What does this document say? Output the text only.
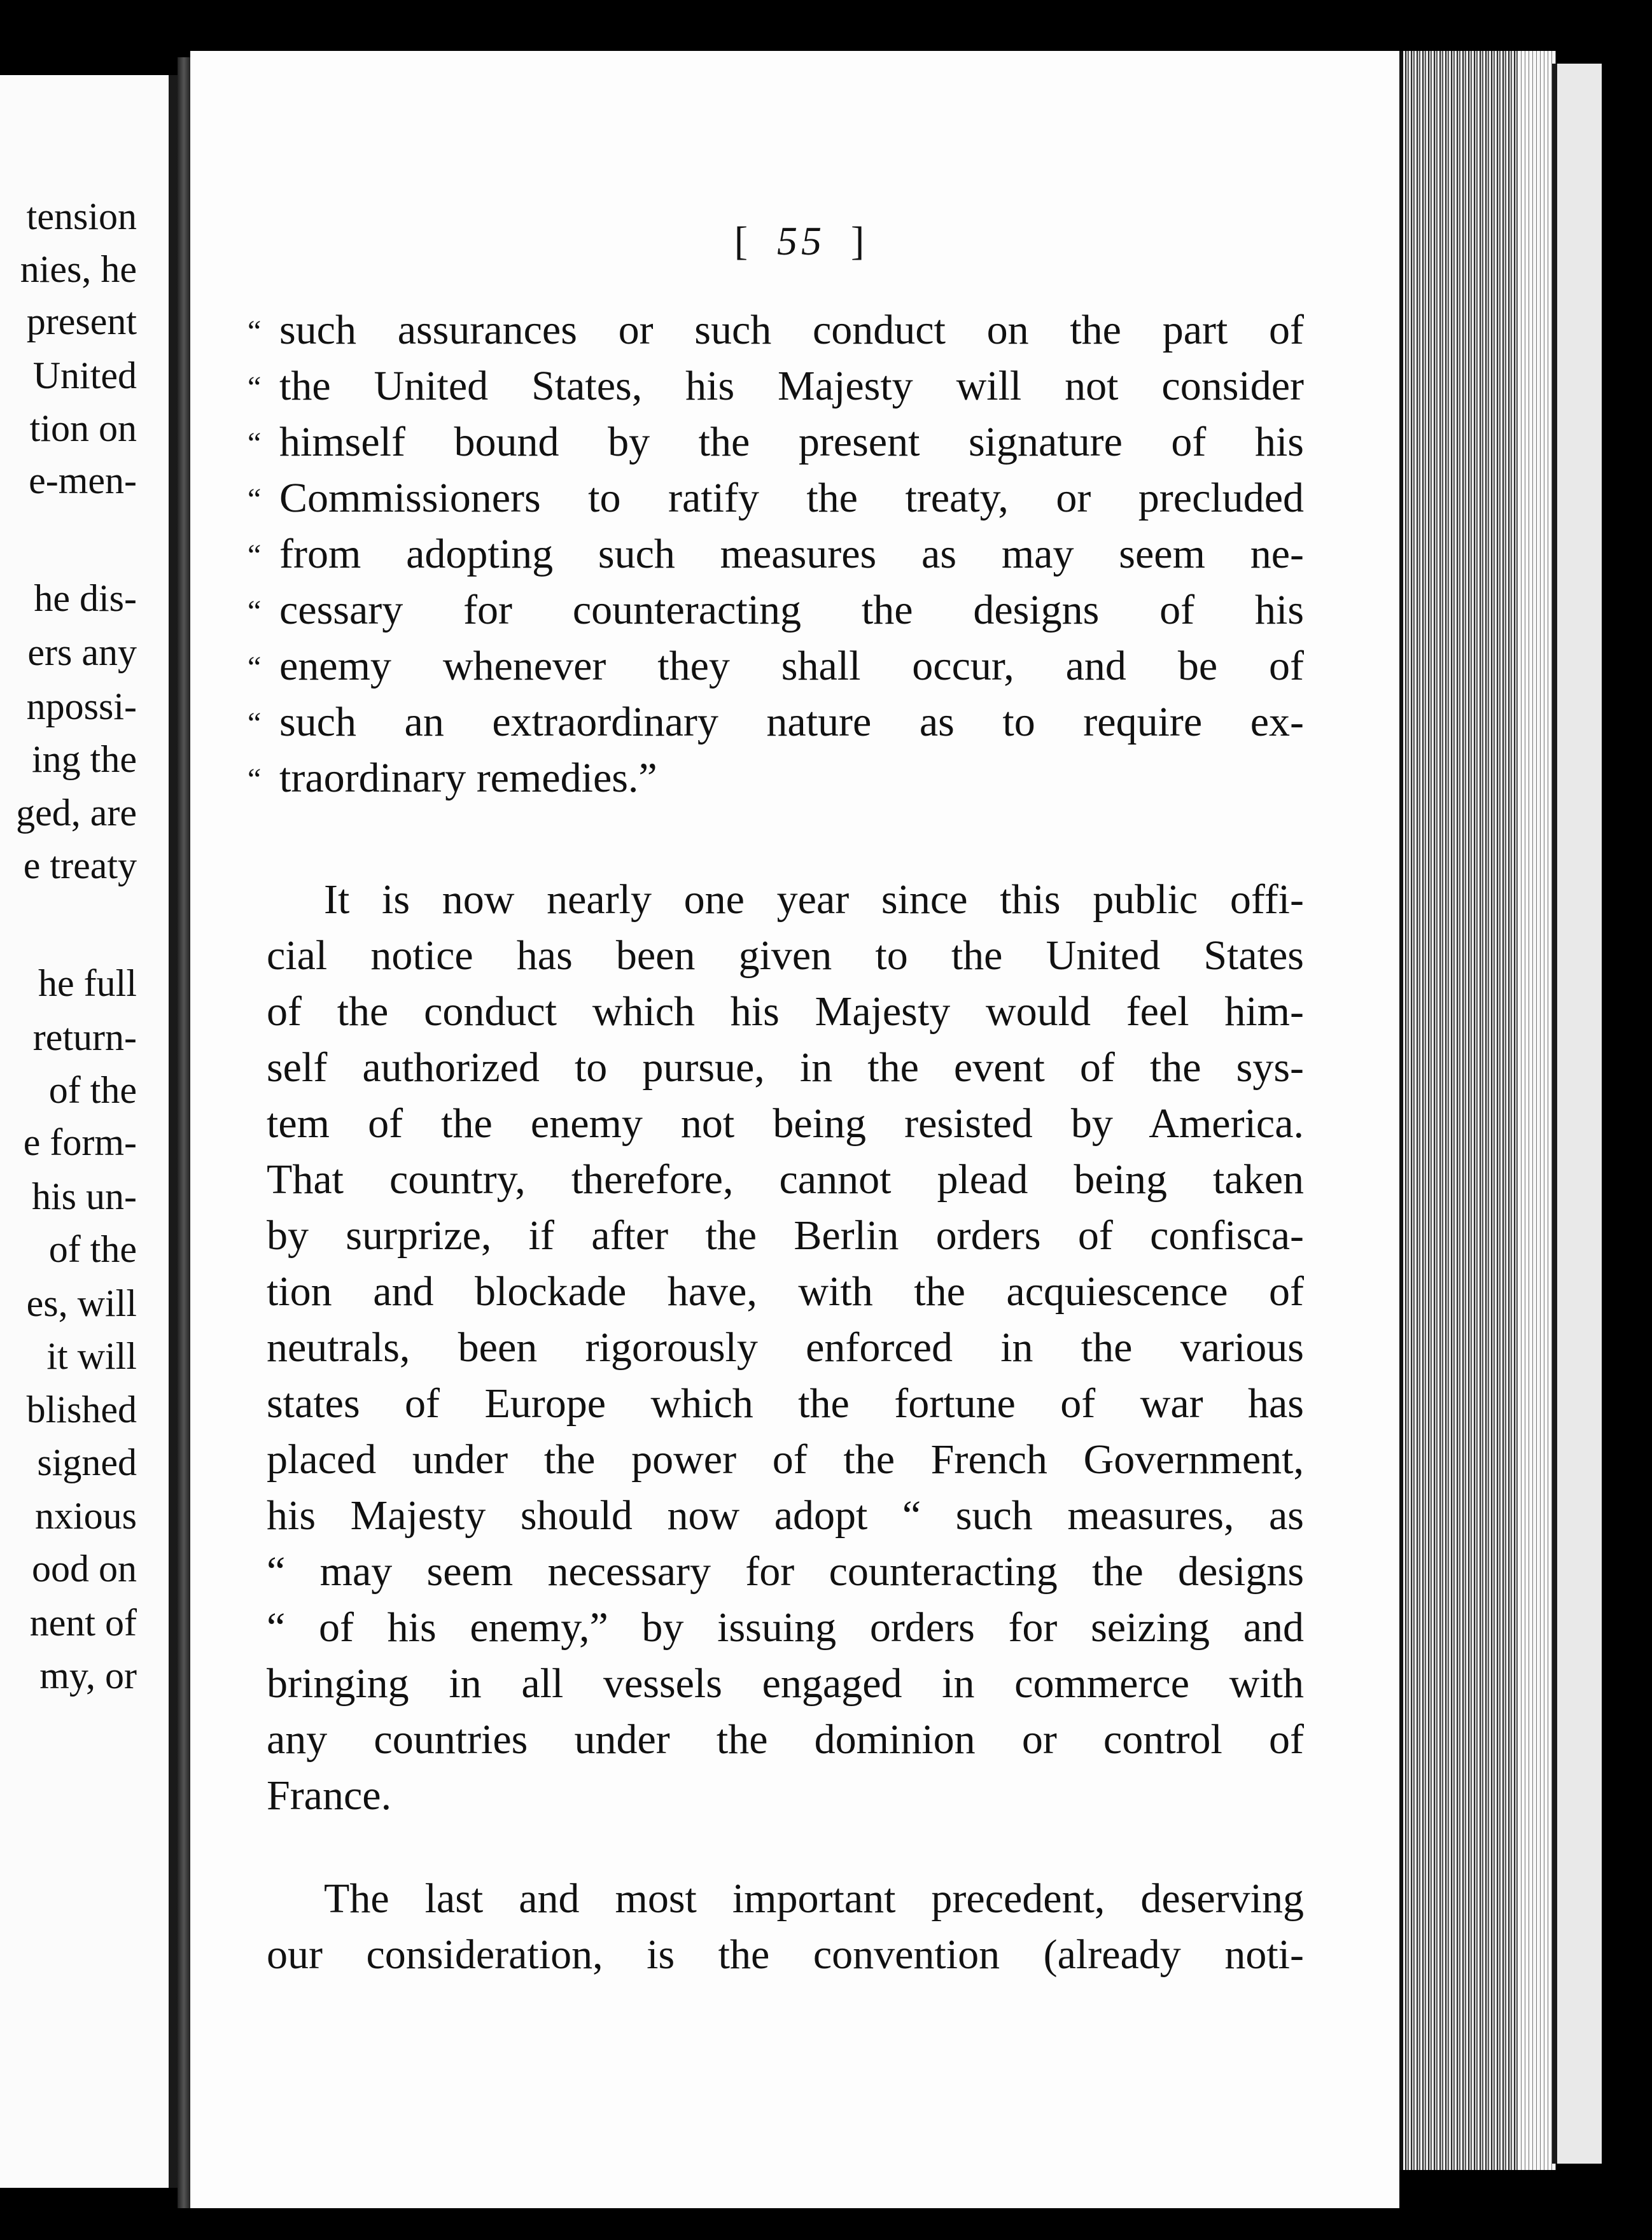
tension
nies, he
present
United
tion on
e-men-
he dis-
ers any
npossi-
ing the
ged, are
e treaty
he full
return-
of the
e form-
his un-
of the
es, will
it will
blished
signed
nxious
ood on
nent of
my, or
[ 55 ]
“ such assurances or such conduct on the part of
“ the United States, his Majesty will not consider
“ himself bound by the present signature of his
“ Commissioners to ratify the treaty, or precluded
“ from adopting such measures as may seem ne-
“ cessary for counteracting the designs of his
“ enemy whenever they shall occur, and be of
“ such an extraordinary nature as to require ex-
“ traordinary remedies.”
It is now nearly one year since this public offi-
cial notice has been given to the United States
of the conduct which his Majesty would feel him-
self authorized to pursue, in the event of the sys-
tem of the enemy not being resisted by America.
That country, therefore, cannot plead being taken
by surprize, if after the Berlin orders of confisca-
tion and blockade have, with the acquiescence of
neutrals, been rigorously enforced in the various
states of Europe which the fortune of war has
placed under the power of the French Government,
his Majesty should now adopt “ such measures, as
“ may seem necessary for counteracting the designs
“ of his enemy,” by issuing orders for seizing and
bringing in all vessels engaged in commerce with
any countries under the dominion or control of
France.
The last and most important precedent, deserving
our consideration, is the convention (already noti-
